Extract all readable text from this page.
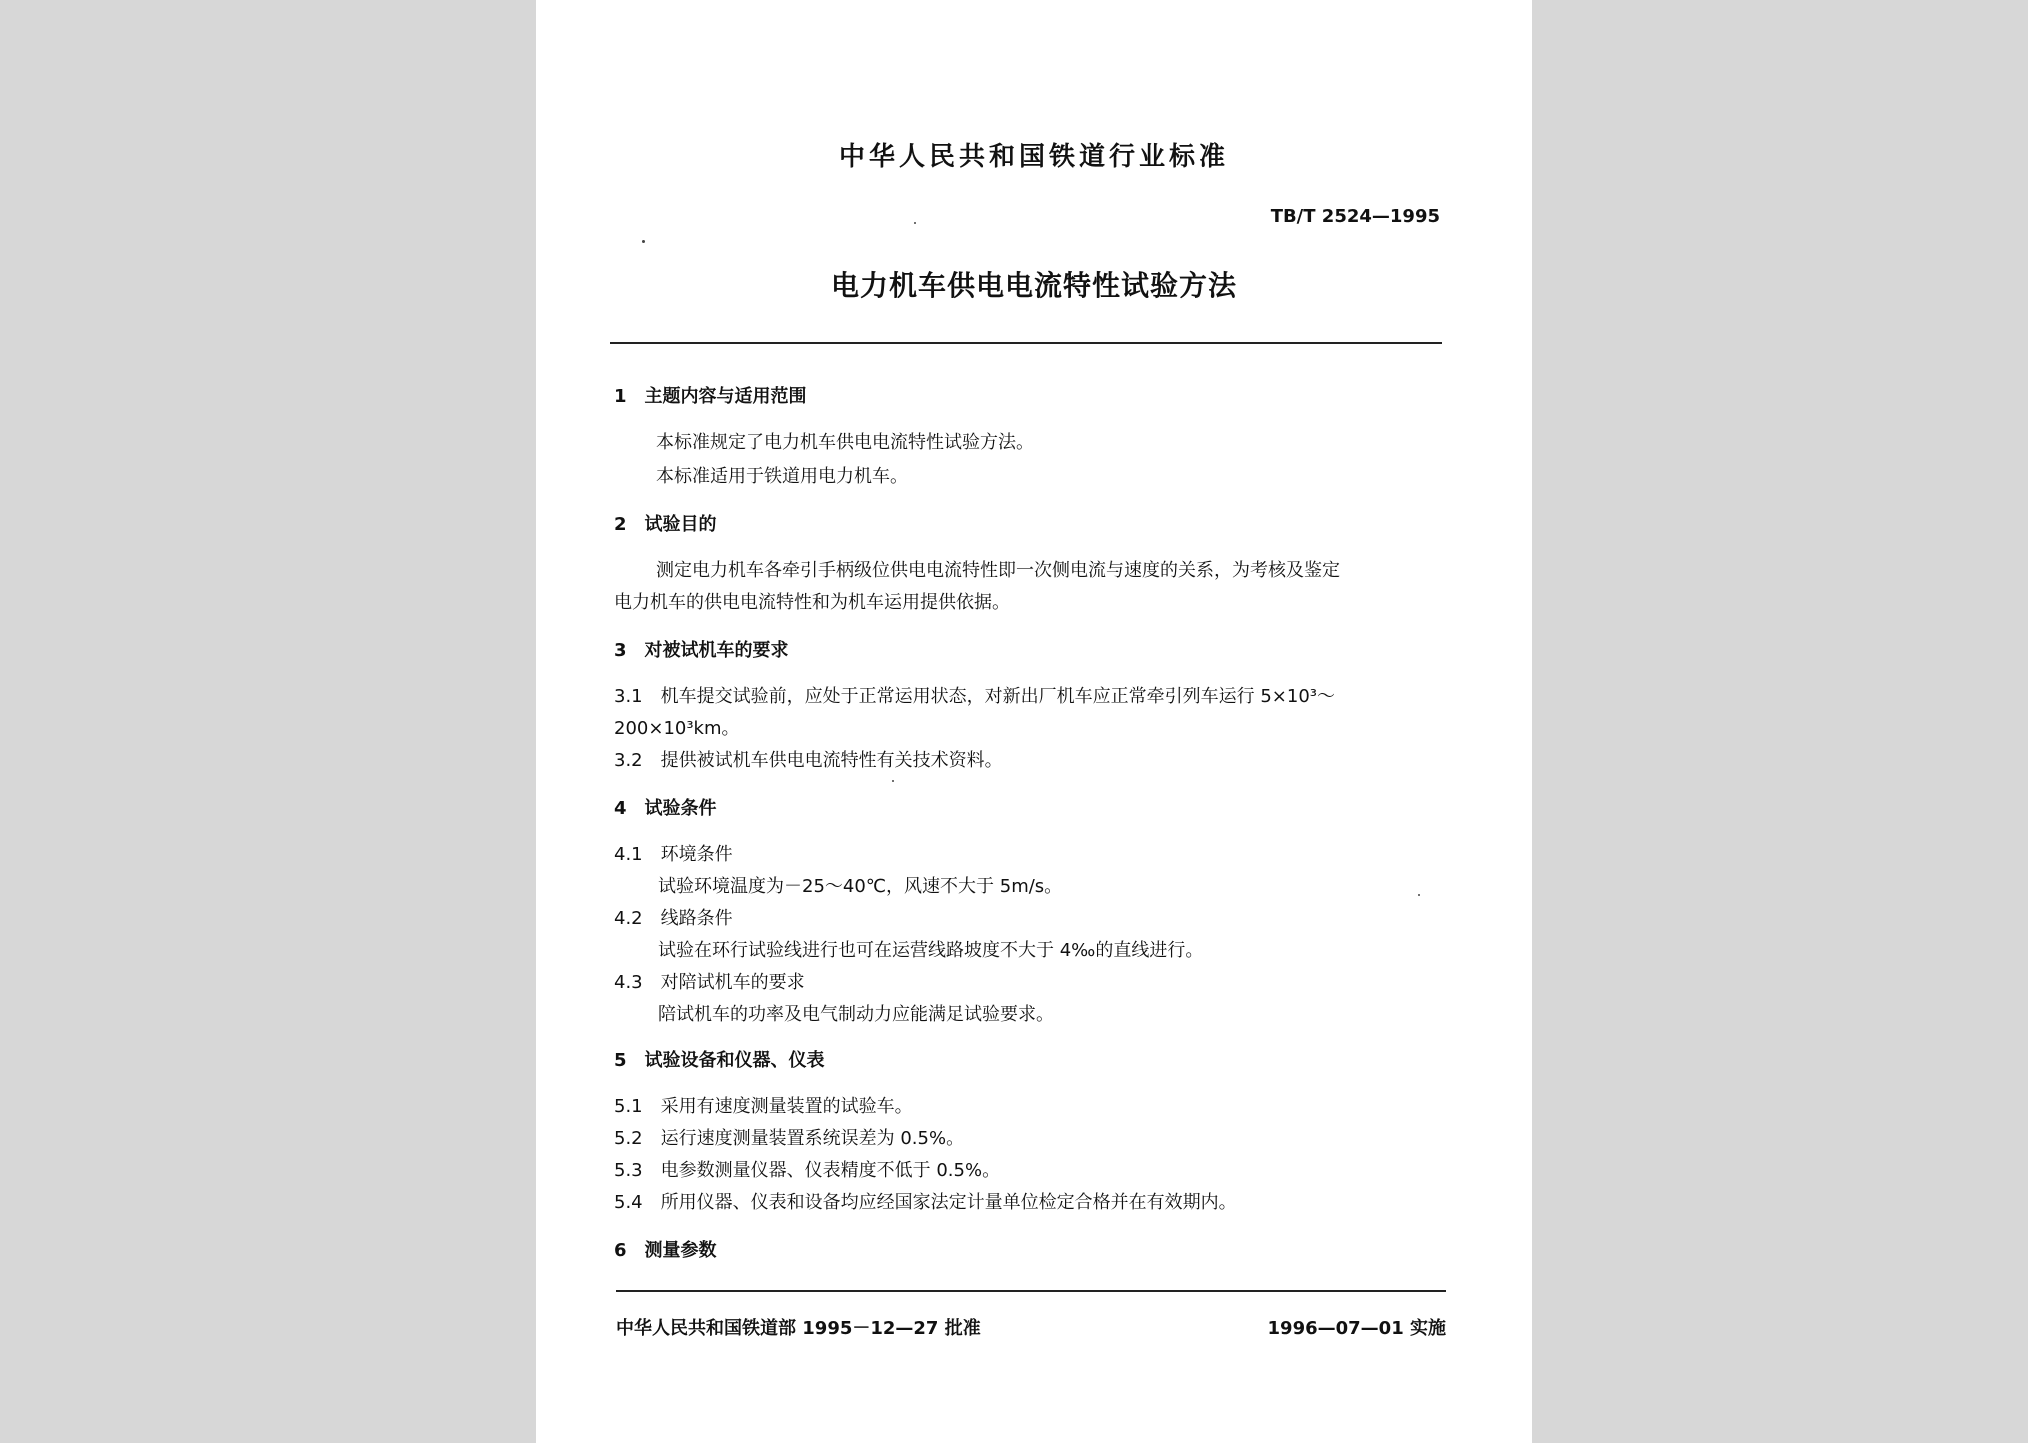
中华人民共和国铁道行业标准
TB/T 2524—1995
电力机车供电电流特性试验方法
1　主题内容与适用范围
本标准规定了电力机车供电电流特性试验方法。
本标准适用于铁道用电力机车。
2　试验目的
测定电力机车各牵引手柄级位供电电流特性即一次侧电流与速度的关系，为考核及鉴定
电力机车的供电电流特性和为机车运用提供依据。
3　对被试机车的要求
3.1　机车提交试验前，应处于正常运用状态，对新出厂机车应正常牵引列车运行 5×10³～
200×10³km。
3.2　提供被试机车供电电流特性有关技术资料。
4　试验条件
4.1　环境条件
试验环境温度为－25～40℃，风速不大于 5m/s。
4.2　线路条件
试验在环行试验线进行也可在运营线路坡度不大于 4‰的直线进行。
4.3　对陪试机车的要求
陪试机车的功率及电气制动力应能满足试验要求。
5　试验设备和仪器、仪表
5.1　采用有速度测量装置的试验车。
5.2　运行速度测量装置系统误差为 0.5%。
5.3　电参数测量仪器、仪表精度不低于 0.5%。
5.4　所用仪器、仪表和设备均应经国家法定计量单位检定合格并在有效期内。
6　测量参数
中华人民共和国铁道部 1995－12—27 批准	1996—07—01 实施
